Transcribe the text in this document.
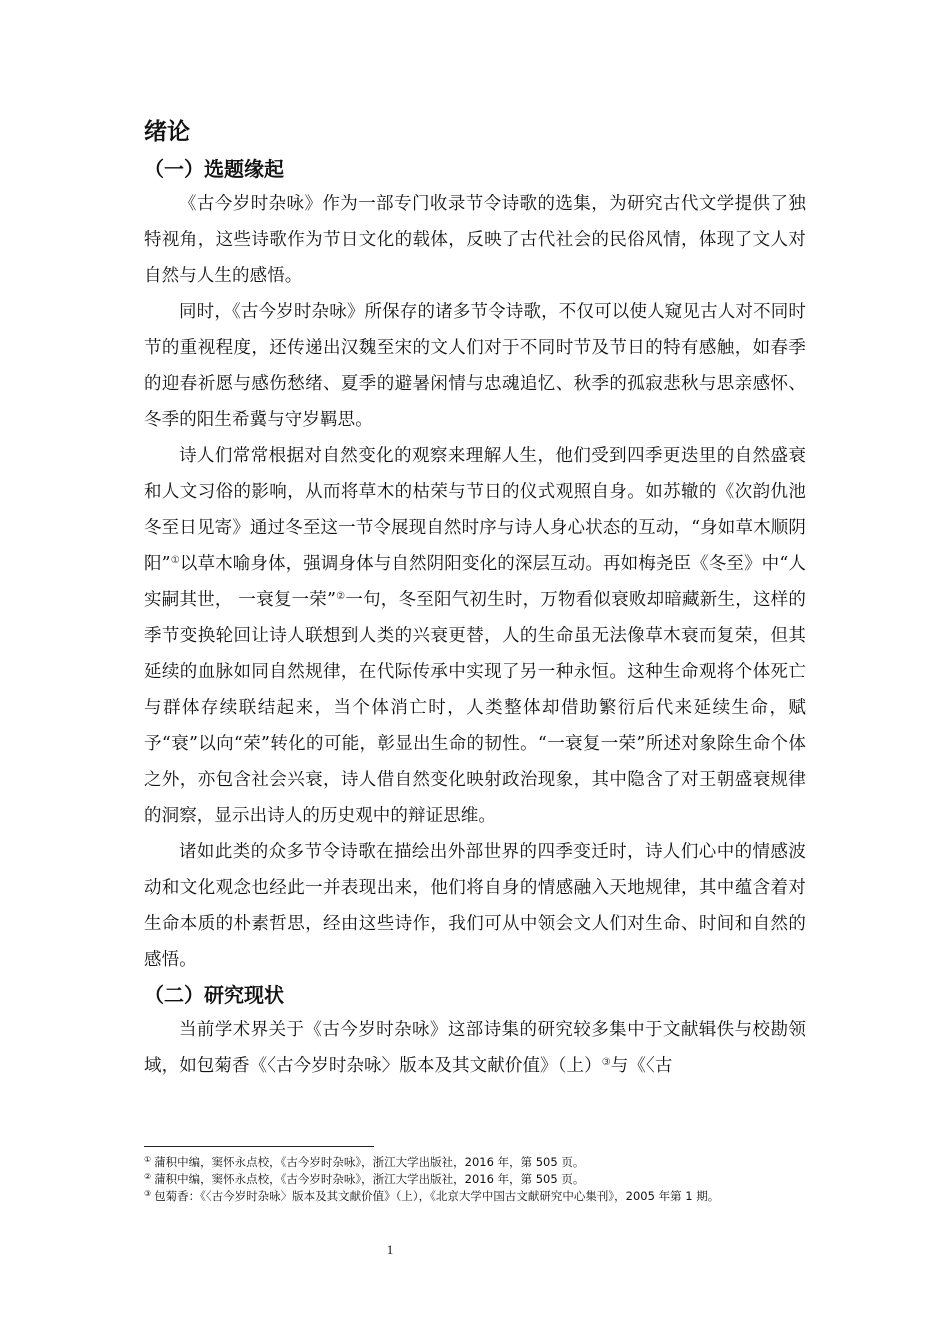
绪论
（一）选题缘起

《古今岁时杂咏》作为一部专门收录节令诗歌的选集，为研究古代文学提供了独特视角，这些诗歌作为节日文化的载体，反映了古代社会的民俗风情，体现了文人对自然与人生的感悟。

同时，《古今岁时杂咏》所保存的诸多节令诗歌，不仅可以使人窥见古人对不同时节的重视程度，还传递出汉魏至宋的文人们对于不同时节及节日的特有感触，如春季的迎春祈愿与感伤愁绪、夏季的避暑闲情与忠魂追忆、秋季的孤寂悲秋与思亲感怀、冬季的阳生希冀与守岁羁思。

诗人们常常根据对自然变化的观察来理解人生，他们受到四季更迭里的自然盛衰和人文习俗的影响，从而将草木的枯荣与节日的仪式观照自身。如苏辙的《次韵仇池冬至日见寄》通过冬至这一节令展现自然时序与诗人身心状态的互动，“身如草木顺阴阳”①以草木喻身体，强调身体与自然阴阳变化的深层互动。再如梅尧臣《冬至》中“人实嗣其世， 一衰复一荣”②一句，冬至阳气初生时，万物看似衰败却暗藏新生，这样的季节变换轮回让诗人联想到人类的兴衰更替，人的生命虽无法像草木衰而复荣，但其延续的血脉如同自然规律，在代际传承中实现了另一种永恒。这种生命观将个体死亡与群体存续联结起来，当个体消亡时，人类整体却借助繁衍后代来延续生命，赋予“衰”以向“荣”转化的可能，彰显出生命的韧性。“一衰复一荣”所述对象除生命个体之外，亦包含社会兴衰，诗人借自然变化映射政治现象，其中隐含了对王朝盛衰规律的洞察，显示出诗人的历史观中的辩证思维。

诸如此类的众多节令诗歌在描绘出外部世界的四季变迁时，诗人们心中的情感波动和文化观念也经此一并表现出来，他们将自身的情感融入天地规律，其中蕴含着对生命本质的朴素哲思，经由这些诗作，我们可从中领会文人们对生命、时间和自然的感悟。

（二）研究现状

当前学术界关于《古今岁时杂咏》这部诗集的研究较多集中于文献辑佚与校勘领域，如包菊香《〈古今岁时杂咏〉版本及其文献价值》（上）③与《〈古

① 蒲积中编，窦怀永点校，《古今岁时杂咏》，浙江大学出版社，2016 年，第 505 页。

② 蒲积中编，窦怀永点校，《古今岁时杂咏》，浙江大学出版社，2016 年，第 505 页。

③ 包菊香：《〈古今岁时杂咏〉版本及其文献价值》（上），《北京大学中国古文献研究中心集刊》，2005 年第 1 期。

1
